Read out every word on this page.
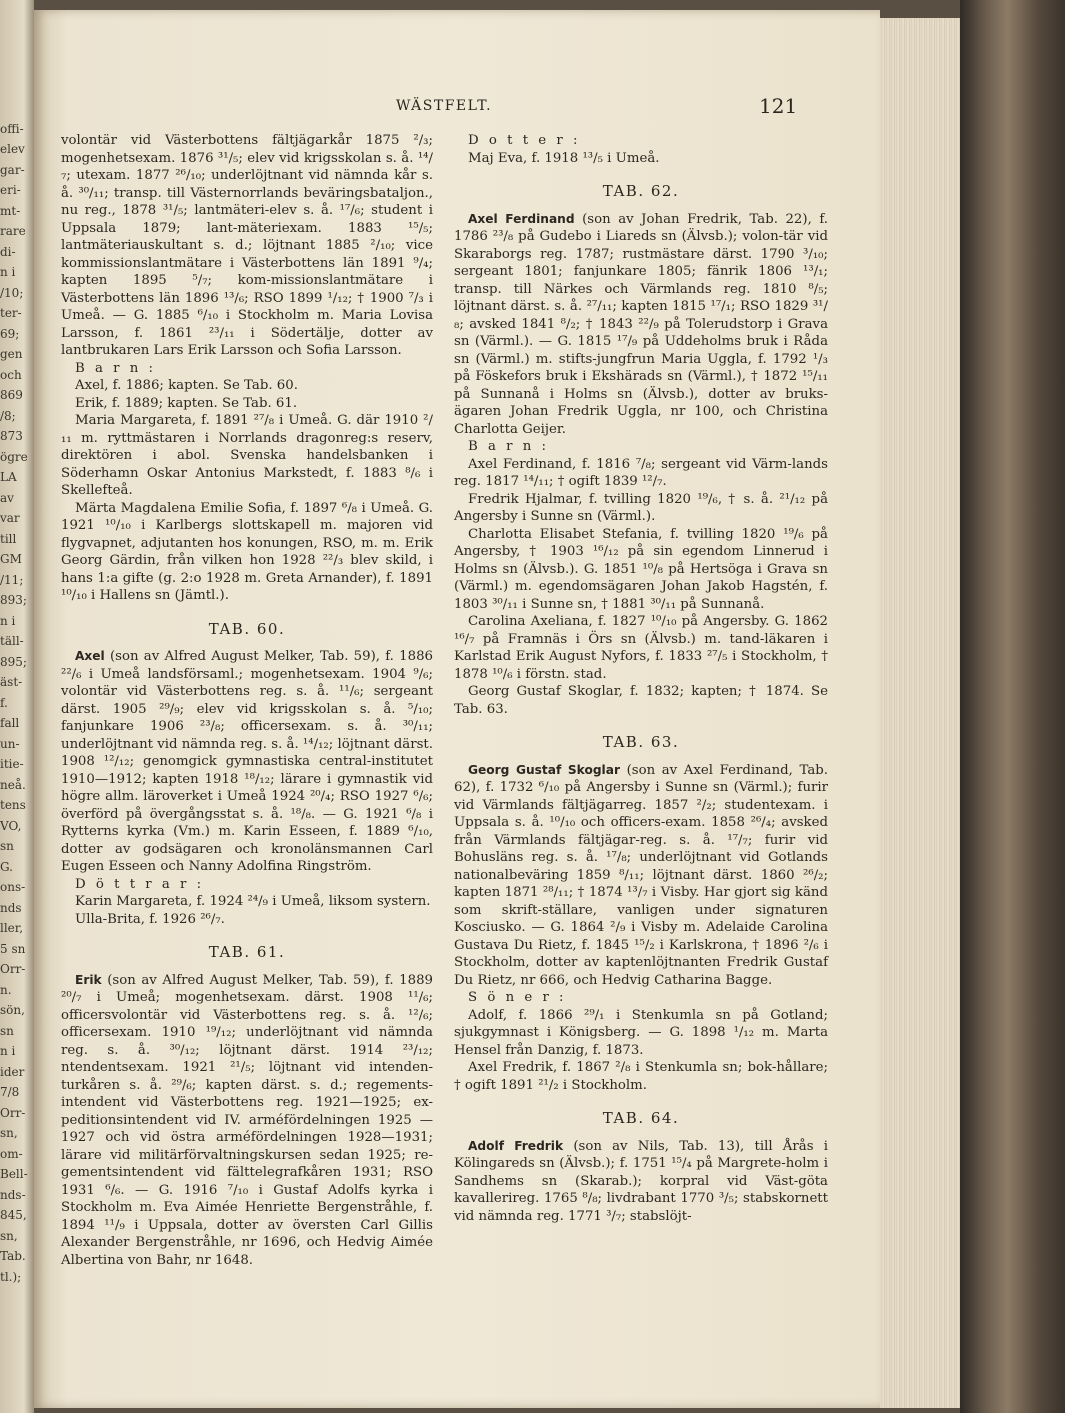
offi-
elev
gar-
eri-
mt-
rare
di-
n i
/10;
ter-
69;
gen
och
869
/8;
873
ögre
LA
av
var
till
GM
/11;
893;
n i
täll-
895;
äst-
f.
fall
un-
itie-
neå.
tens
VO,
sn
G.
ons-
nds
ller,
5 sn
Orr-
n.
sön,
sn
n i
ider
7/8
Orr-
sn,
om-
Bell-
nds-
845,
sn,
Tab.
tl.);
WÄSTFELT.	121

volontär vid Västerbottens fältjägarkår 1875 ²/₃; mogenhetsexam. 1876 ³¹/₅; elev vid krigsskolan s. å. ¹⁴/₇; utexam. 1877 ²⁶/₁₀; underlöjtnant vid nämnda kår s. å. ³⁰/₁₁; transp. till Västernorrlands beväringsbataljon., nu reg., 1878 ³¹/₅; lantmäteri-elev s. å. ¹⁷/₆; student i Uppsala 1879; lant-mäteriexam. 1883 ¹⁵/₅; lantmäteriauskultant s. d.; löjtnant 1885 ²/₁₀; vice kommissionslantmätare i Västerbottens län 1891 ⁹/₄; kapten 1895 ⁵/₇; kom-missionslantmätare i Västerbottens län 1896 ¹³/₆; RSO 1899 ¹/₁₂; † 1900 ⁷/₃ i Umeå. — G. 1885 ⁶/₁₀ i Stockholm m. Maria Lovisa Larsson, f. 1861 ²³/₁₁ i Södertälje, dotter av lantbrukaren Lars Erik Larsson och Sofia Larsson.

B a r n :

Axel, f. 1886; kapten. Se Tab. 60.

Erik, f. 1889; kapten. Se Tab. 61.

Maria Margareta, f. 1891 ²⁷/₈ i Umeå. G. där 1910 ²/₁₁ m. ryttmästaren i Norrlands dragonreg:s reserv, direktören i abol. Svenska handelsbanken i Söderhamn Oskar Antonius Markstedt, f. 1883 ⁸/₆ i Skellefteå.

Märta Magdalena Emilie Sofia, f. 1897 ⁶/₈ i Umeå. G. 1921 ¹⁰/₁₀ i Karlbergs slottskapell m. majoren vid flygvapnet, adjutanten hos konungen, RSO, m. m. Erik Georg Gärdin, från vilken hon 1928 ²²/₃ blev skild, i hans 1:a gifte (g. 2:o 1928 m. Greta Arnander), f. 1891 ¹⁰/₁₀ i Hallens sn (Jämtl.).

TAB. 60.

Axel (son av Alfred August Melker, Tab. 59), f. 1886 ²²/₆ i Umeå landsförsaml.; mogenhetsexam. 1904 ⁹/₆; volontär vid Västerbottens reg. s. å. ¹¹/₆; sergeant därst. 1905 ²⁹/₉; elev vid krigsskolan s. å. ⁵/₁₀; fanjunkare 1906 ²³/₈; officersexam. s. å. ³⁰/₁₁; underlöjtnant vid nämnda reg. s. å. ¹⁴/₁₂; löjtnant därst. 1908 ¹²/₁₂; genomgick gymnastiska central-institutet 1910—1912; kapten 1918 ¹⁸/₁₂; lärare i gymnastik vid högre allm. läroverket i Umeå 1924 ²⁰/₄; RSO 1927 ⁶/₆; överförd på övergångsstat s. å. ¹⁸/₈. — G. 1921 ⁶/₈ i Rytterns kyrka (Vm.) m. Karin Esseen, f. 1889 ⁶/₁₀, dotter av godsägaren och kronolänsmannen Carl Eugen Esseen och Nanny Adolfina Ringström.

D ö t t r a r :

Karin Margareta, f. 1924 ²⁴/₉ i Umeå, liksom systern.

Ulla-Brita, f. 1926 ²⁶/₇.

TAB. 61.

Erik (son av Alfred August Melker, Tab. 59), f. 1889 ²⁰/₇ i Umeå; mogenhetsexam. därst. 1908 ¹¹/₆; officersvolontär vid Västerbottens reg. s. å. ¹²/₆; officersexam. 1910 ¹⁹/₁₂; underlöjtnant vid nämnda reg. s. å. ³⁰/₁₂; löjtnant därst. 1914 ²³/₁₂; ntendentsexam. 1921 ²¹/₅; löjtnant vid intenden-turkåren s. å. ²⁹/₆; kapten därst. s. d.; regements-intendent vid Västerbottens reg. 1921—1925; ex-peditionsintendent vid IV. arméfördelningen 1925 —1927 och vid östra arméfördelningen 1928—1931; lärare vid militärförvaltningskursen sedan 1925; re-gementsintendent vid fälttelegrafkåren 1931; RSO 1931 ⁶/₆. — G. 1916 ⁷/₁₀ i Gustaf Adolfs kyrka i Stockholm m. Eva Aimée Henriette Bergenstråhle, f. 1894 ¹¹/₉ i Uppsala, dotter av översten Carl Gillis Alexander Bergenstråhle, nr 1696, och Hedvig Aimée Albertina von Bahr, nr 1648.

D o t t e r :

Maj Eva, f. 1918 ¹³/₅ i Umeå.

TAB. 62.

Axel Ferdinand (son av Johan Fredrik, Tab. 22), f. 1786 ²³/₈ på Gudebo i Liareds sn (Älvsb.); volon-tär vid Skaraborgs reg. 1787; rustmästare därst. 1790 ³/₁₀; sergeant 1801; fanjunkare 1805; fänrik 1806 ¹³/₁; transp. till Närkes och Värmlands reg. 1810 ⁸/₅; löjtnant därst. s. å. ²⁷/₁₁; kapten 1815 ¹⁷/₁; RSO 1829 ³¹/₈; avsked 1841 ⁸/₂; † 1843 ²²/₉ på Tolerudstorp i Grava sn (Värml.). — G. 1815 ¹⁷/₉ på Uddeholms bruk i Råda sn (Värml.) m. stifts-jungfrun Maria Uggla, f. 1792 ¹/₃ på Föskefors bruk i Ekshärads sn (Värml.), † 1872 ¹⁵/₁₁ på Sunnanå i Holms sn (Älvsb.), dotter av bruks-ägaren Johan Fredrik Uggla, nr 100, och Christina Charlotta Geijer.

B a r n :

Axel Ferdinand, f. 1816 ⁷/₈; sergeant vid Värm-lands reg. 1817 ¹⁴/₁₁; † ogift 1839 ¹²/₇.

Fredrik Hjalmar, f. tvilling 1820 ¹⁹/₆, † s. å. ²¹/₁₂ på Angersby i Sunne sn (Värml.).

Charlotta Elisabet Stefania, f. tvilling 1820 ¹⁹/₆ på Angersby, † 1903 ¹⁶/₁₂ på sin egendom Linnerud i Holms sn (Älvsb.). G. 1851 ¹⁰/₈ på Hertsöga i Grava sn (Värml.) m. egendomsägaren Johan Jakob Hagstén, f. 1803 ³⁰/₁₁ i Sunne sn, † 1881 ³⁰/₁₁ på Sunnanå.

Carolina Axeliana, f. 1827 ¹⁰/₁₀ på Angersby. G. 1862 ¹⁶/₇ på Framnäs i Örs sn (Älvsb.) m. tand-läkaren i Karlstad Erik August Nyfors, f. 1833 ²⁷/₅ i Stockholm, † 1878 ¹⁰/₆ i förstn. stad.

Georg Gustaf Skoglar, f. 1832; kapten; † 1874. Se Tab. 63.

TAB. 63.

Georg Gustaf Skoglar (son av Axel Ferdinand, Tab. 62), f. 1732 ⁶/₁₀ på Angersby i Sunne sn (Värml.); furir vid Värmlands fältjägarreg. 1857 ²/₂; studentexam. i Uppsala s. å. ¹⁰/₁₀ och officers-exam. 1858 ²⁶/₄; avsked från Värmlands fältjägar-reg. s. å. ¹⁷/₇; furir vid Bohusläns reg. s. å. ¹⁷/₈; underlöjtnant vid Gotlands nationalbeväring 1859 ⁸/₁₁; löjtnant därst. 1860 ²⁶/₂; kapten 1871 ²⁸/₁₁; † 1874 ¹³/₇ i Visby. Har gjort sig känd som skrift-ställare, vanligen under signaturen Kosciusko. — G. 1864 ²/₉ i Visby m. Adelaide Carolina Gustava Du Rietz, f. 1845 ¹⁵/₂ i Karlskrona, † 1896 ²/₆ i Stockholm, dotter av kaptenlöjtnanten Fredrik Gustaf Du Rietz, nr 666, och Hedvig Catharina Bagge.

S ö n e r :

Adolf, f. 1866 ²⁹/₁ i Stenkumla sn på Gotland; sjukgymnast i Königsberg. — G. 1898 ¹/₁₂ m. Marta Hensel från Danzig, f. 1873.

Axel Fredrik, f. 1867 ²/₈ i Stenkumla sn; bok-hållare; † ogift 1891 ²¹/₂ i Stockholm.

TAB. 64.

Adolf Fredrik (son av Nils, Tab. 13), till Årås i Kölingareds sn (Älvsb.); f. 1751 ¹⁵/₄ på Margrete-holm i Sandhems sn (Skarab.); korpral vid Väst-göta kavallerireg. 1765 ⁸/₈; livdrabant 1770 ³/₅; stabskornett vid nämnda reg. 1771 ³/₇; stabslöjt-
